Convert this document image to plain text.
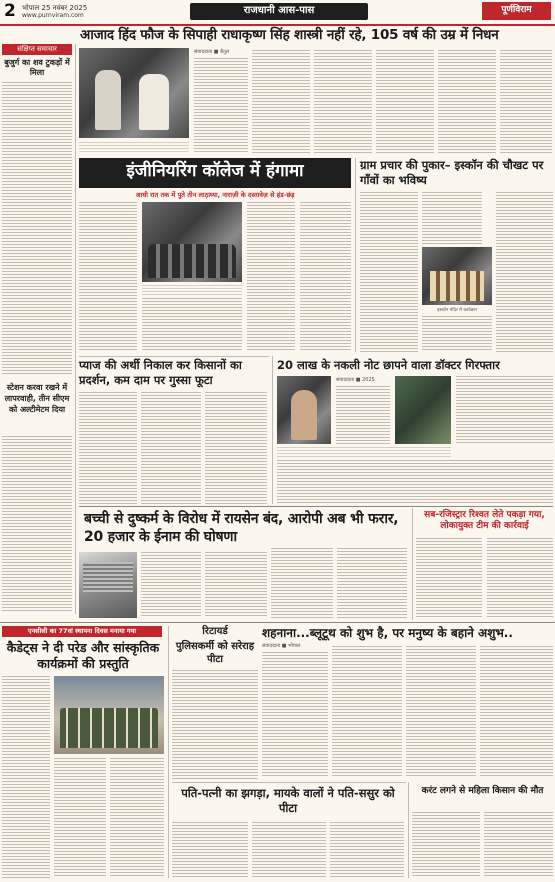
2 भोपाल 25 नवंबर 2025
www.purnviram.com	राजधानी आस-पास	पूर्णविराम
संक्षिप्त समाचार
बुजुर्ग का शव टुकड़ों में मिला
स्टेशन करवा रखने में लापरवाही, तीन सीएम को अल्टीमेटम दिया
आजाद हिंद फौज के सिपाही राधाकृष्ण सिंह शास्त्री नहीं रहे, 105 वर्ष की उम्र में निधन
संवाददाता ■ बैतूल
इंजीनियरिंग कॉलेज में हंगामा
आधी रात तक में पुते तीन लाठ़ाघ्या, नाराज़ी के दस्तावेज़ से हंड-छंड़
ग्राम प्रचार की पुकार– इस्कॉन की चौखट पर गाँवों का भविष्य
इस्कॉन मंदिर में कार्यक्रम
प्याज की अर्थी निकाल कर किसानों का प्रदर्शन, कम दाम पर गुस्सा फूटा
20 लाख के नकली नोट छापने वाला डॉक्टर गिरफ्तार
संवाददाता ■ 2025
बच्ची से दुष्कर्म के विरोध में रायसेन बंद, आरोपी अब भी फरार, 20 हजार के ईनाम की घोषणा
सब-रजिस्ट्रार रिश्वत लेते पकड़ा गया, लोकायुक्त टीम की कार्रवाई
एनसीसी का 77वां स्थापना दिवस मनाया गया
कैडेट्स ने दी परेड और सांस्कृतिक कार्यक्रमों की प्रस्तुति
रिटायर्ड
पुलिसकर्मी को सरेराह पीटा
शहनाना...ब्लूटूथ को शुभ है, पर मनुष्य के बहाने अशुभ..
संवाददाता ■ भोपाल
पति-पत्नी का झगड़ा, मायके वालों ने पति-ससुर को पीटा
करंट लगने से महिला किसान की मौत
